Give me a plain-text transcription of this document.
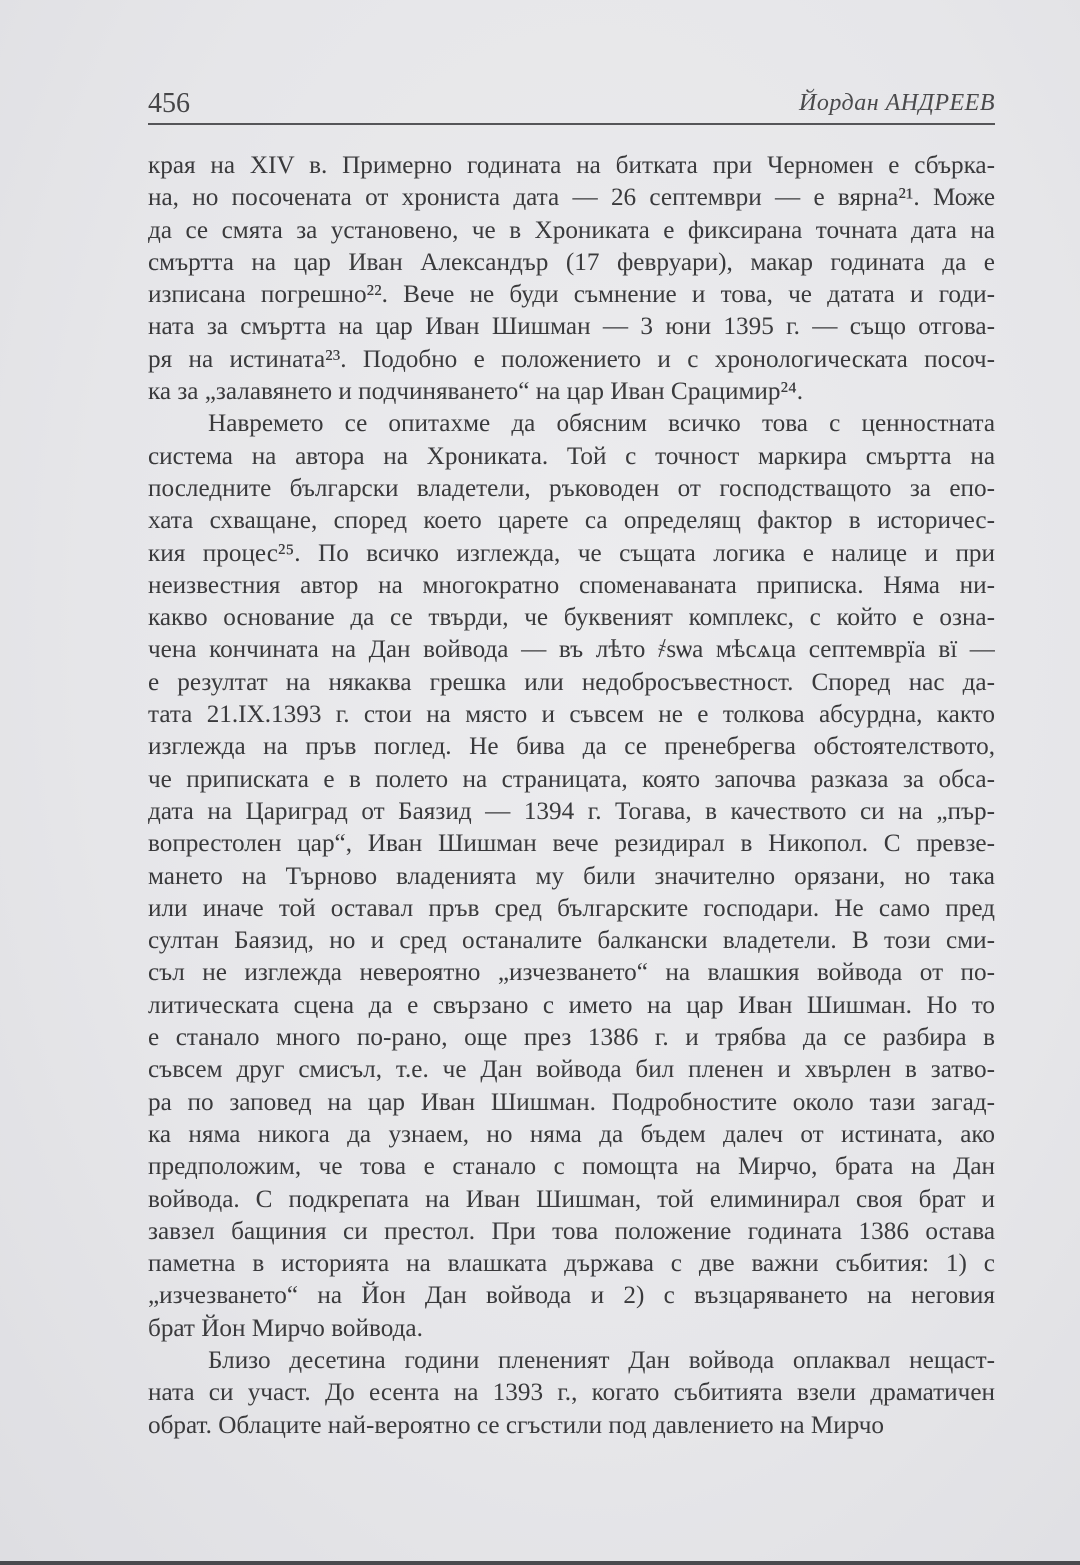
456	Йордан АНДРЕЕВ
края на XIV в. Примерно годината на битката при Черномен е сбърка-
на, но посочената от хрониста дата — 26 септември — е вярна²¹. Може
да се смята за установено, че в Хрониката е фиксирана точната дата на
смъртта на цар Иван Александър (17 февруари), макар годината да е
изписана погрешно²². Вече не буди съмнение и това, че датата и годи-
ната за смъртта на цар Иван Шишман — 3 юни 1395 г. — също отгова-
ря на истината²³. Подобно е положението и с хронологическата посоч-
ка за „залавянето и подчиняването“ на цар Иван Срацимир²⁴.
Навремето се опитахме да обясним всичко това с ценностната
система на автора на Хрониката. Той с точност маркира смъртта на
последните български владетели, ръководен от господстващото за епо-
хата схващане, според което царете са определящ фактор в историчес-
кия процес²⁵. По всичко изглежда, че същата логика е налице и при
неизвестния автор на многократно споменаваната приписка. Няма ни-
какво основание да се твърди, че буквеният комплекс, с който е озна-
чена кончината на Дан войвода — въ лѣто ҂ѕѡа мѣсѧца септемврїа вї —
е резултат на някаква грешка или недобросъвестност. Според нас да-
тата 21.IX.1393 г. стои на място и съвсем не е толкова абсурдна, както
изглежда на пръв поглед. Не бива да се пренебрегва обстоятелството,
че приписката е в полето на страницата, която започва разказа за обса-
дата на Цариград от Баязид — 1394 г. Тогава, в качеството си на „пър-
вопрестолен цар“, Иван Шишман вече резидирал в Никопол. С превзе-
мането на Търново владенията му били значително орязани, но така
или иначе той оставал пръв сред българските господари. Не само пред
султан Баязид, но и сред останалите балкански владетели. В този сми-
съл не изглежда невероятно „изчезването“ на влашкия войвода от по-
литическата сцена да е свързано с името на цар Иван Шишман. Но то
е станало много по-рано, още през 1386 г. и трябва да се разбира в
съвсем друг смисъл, т.е. че Дан войвода бил пленен и хвърлен в затво-
ра по заповед на цар Иван Шишман. Подробностите около тази загад-
ка няма никога да узнаем, но няма да бъдем далеч от истината, ако
предположим, че това е станало с помощта на Мирчо, брата на Дан
войвода. С подкрепата на Иван Шишман, той елиминирал своя брат и
завзел бащиния си престол. При това положение годината 1386 остава
паметна в историята на влашката държава с две важни събития: 1) с
„изчезването“ на Йон Дан войвода и 2) с възцаряването на неговия
брат Йон Мирчо войвода.
Близо десетина години плененият Дан войвода оплаквал нещаст-
ната си участ. До есента на 1393 г., когато събитията взели драматичен
обрат. Облаците най-вероятно се сгъстили под давлението на Мирчо
